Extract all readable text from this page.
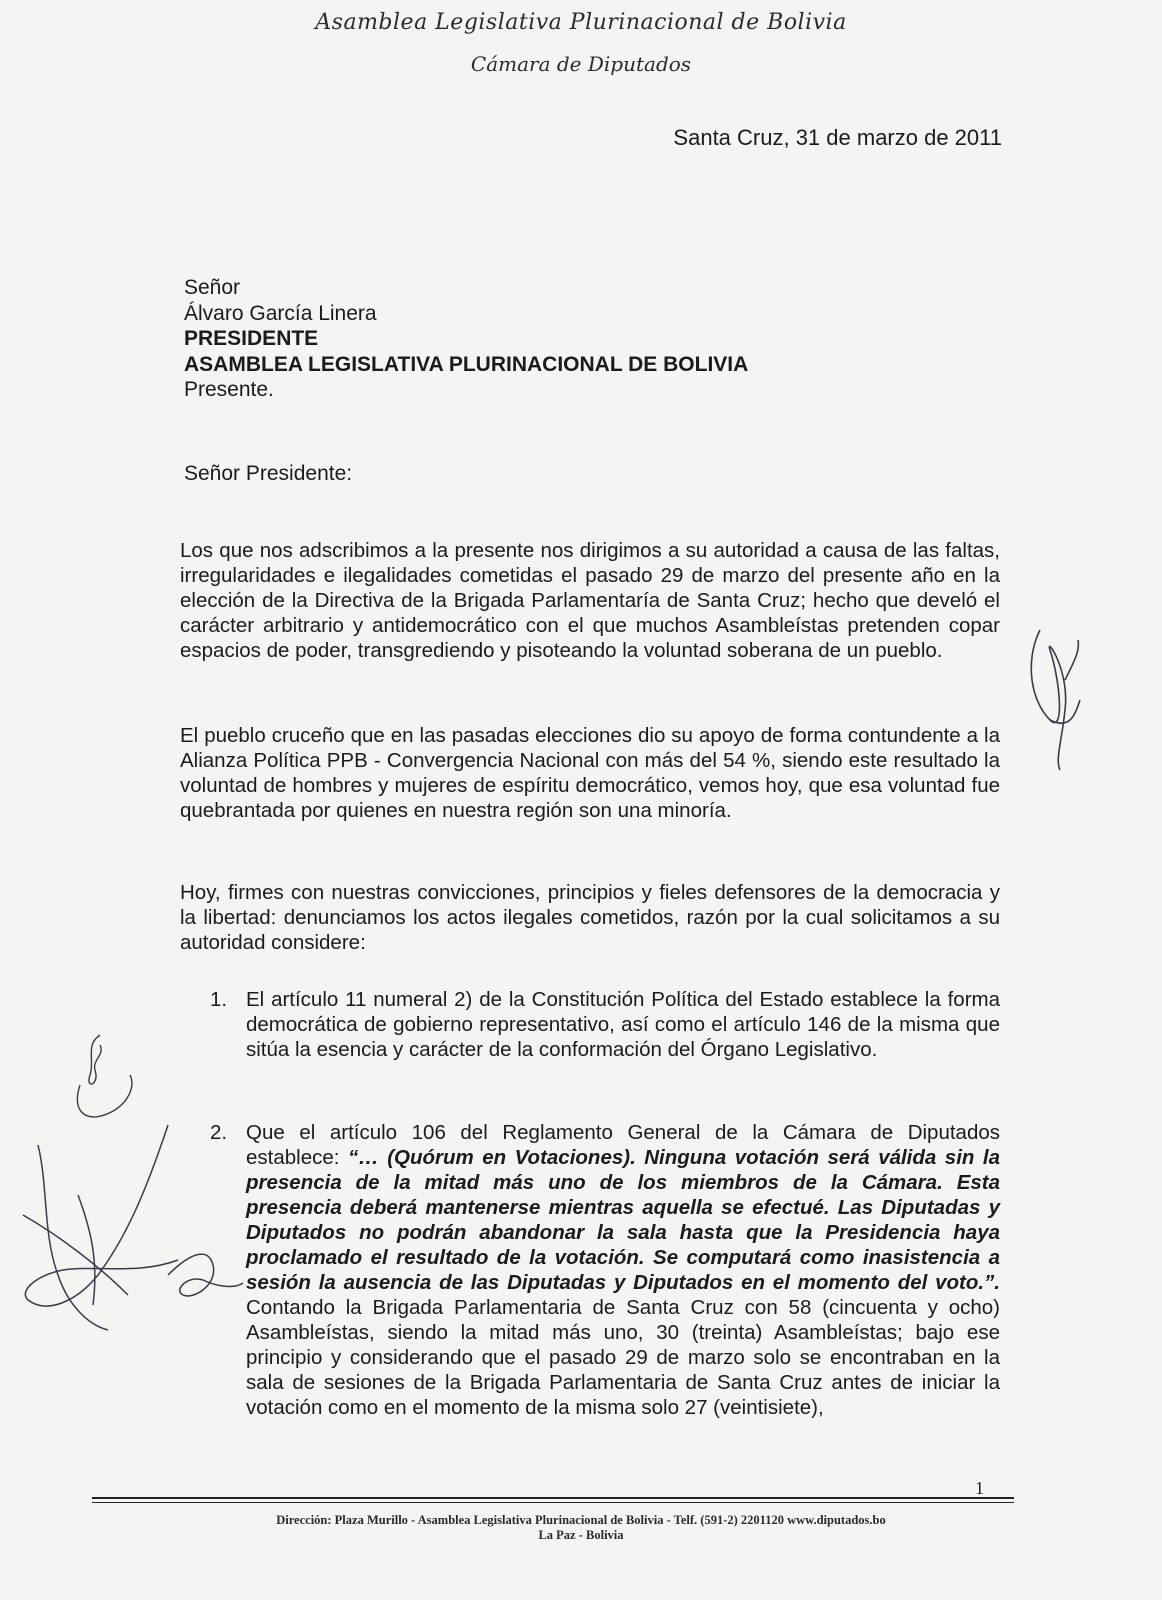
Asamblea Legislativa Plurinacional de Bolivia
Cámara de Diputados
Santa Cruz, 31 de marzo de 2011
Señor
Álvaro García Linera
PRESIDENTE
ASAMBLEA LEGISLATIVA PLURINACIONAL DE BOLIVIA
Presente.
Señor Presidente:
Los que nos adscribimos a la presente nos dirigimos a su autoridad a causa de las faltas, irregularidades e ilegalidades cometidas el pasado 29 de marzo del presente año en la elección de la Directiva de la Brigada Parlamentaría de Santa Cruz; hecho que develó el carácter arbitrario y antidemocrático con el que muchos Asambleístas pretenden copar espacios de poder, transgrediendo y pisoteando la voluntad soberana de un pueblo.
El pueblo cruceño que en las pasadas elecciones dio su apoyo de forma contundente a la Alianza Política PPB - Convergencia Nacional con más del 54 %, siendo este resultado la voluntad de hombres y mujeres de espíritu democrático, vemos hoy, que esa voluntad fue quebrantada por quienes en nuestra región son una minoría.
Hoy, firmes con nuestras convicciones, principios y fieles defensores de la democracia y la libertad: denunciamos los actos ilegales cometidos, razón por la cual solicitamos a su autoridad considere:
1. El artículo 11 numeral 2) de la Constitución Política del Estado establece la forma democrática de gobierno representativo, así como el artículo 146 de la misma que sitúa la esencia y carácter de la conformación del Órgano Legislativo.
2. Que el artículo 106 del Reglamento General de la Cámara de Diputados establece: “… (Quórum en Votaciones). Ninguna votación será válida sin la presencia de la mitad más uno de los miembros de la Cámara. Esta presencia deberá mantenerse mientras aquella se efectué. Las Diputadas y Diputados no podrán abandonar la sala hasta que la Presidencia haya proclamado el resultado de la votación. Se computará como inasistencia a sesión la ausencia de las Diputadas y Diputados en el momento del voto.”. Contando la Brigada Parlamentaria de Santa Cruz con 58 (cincuenta y ocho) Asambleístas, siendo la mitad más uno, 30 (treinta) Asambleístas; bajo ese principio y considerando que el pasado 29 de marzo solo se encontraban en la sala de sesiones de la Brigada Parlamentaria de Santa Cruz antes de iniciar la votación como en el momento de la misma solo 27 (veintisiete),
1
Dirección: Plaza Murillo - Asamblea Legislativa Plurinacional de Bolivia - Telf. (591-2) 2201120 www.diputados.bo
La Paz - Bolivia
